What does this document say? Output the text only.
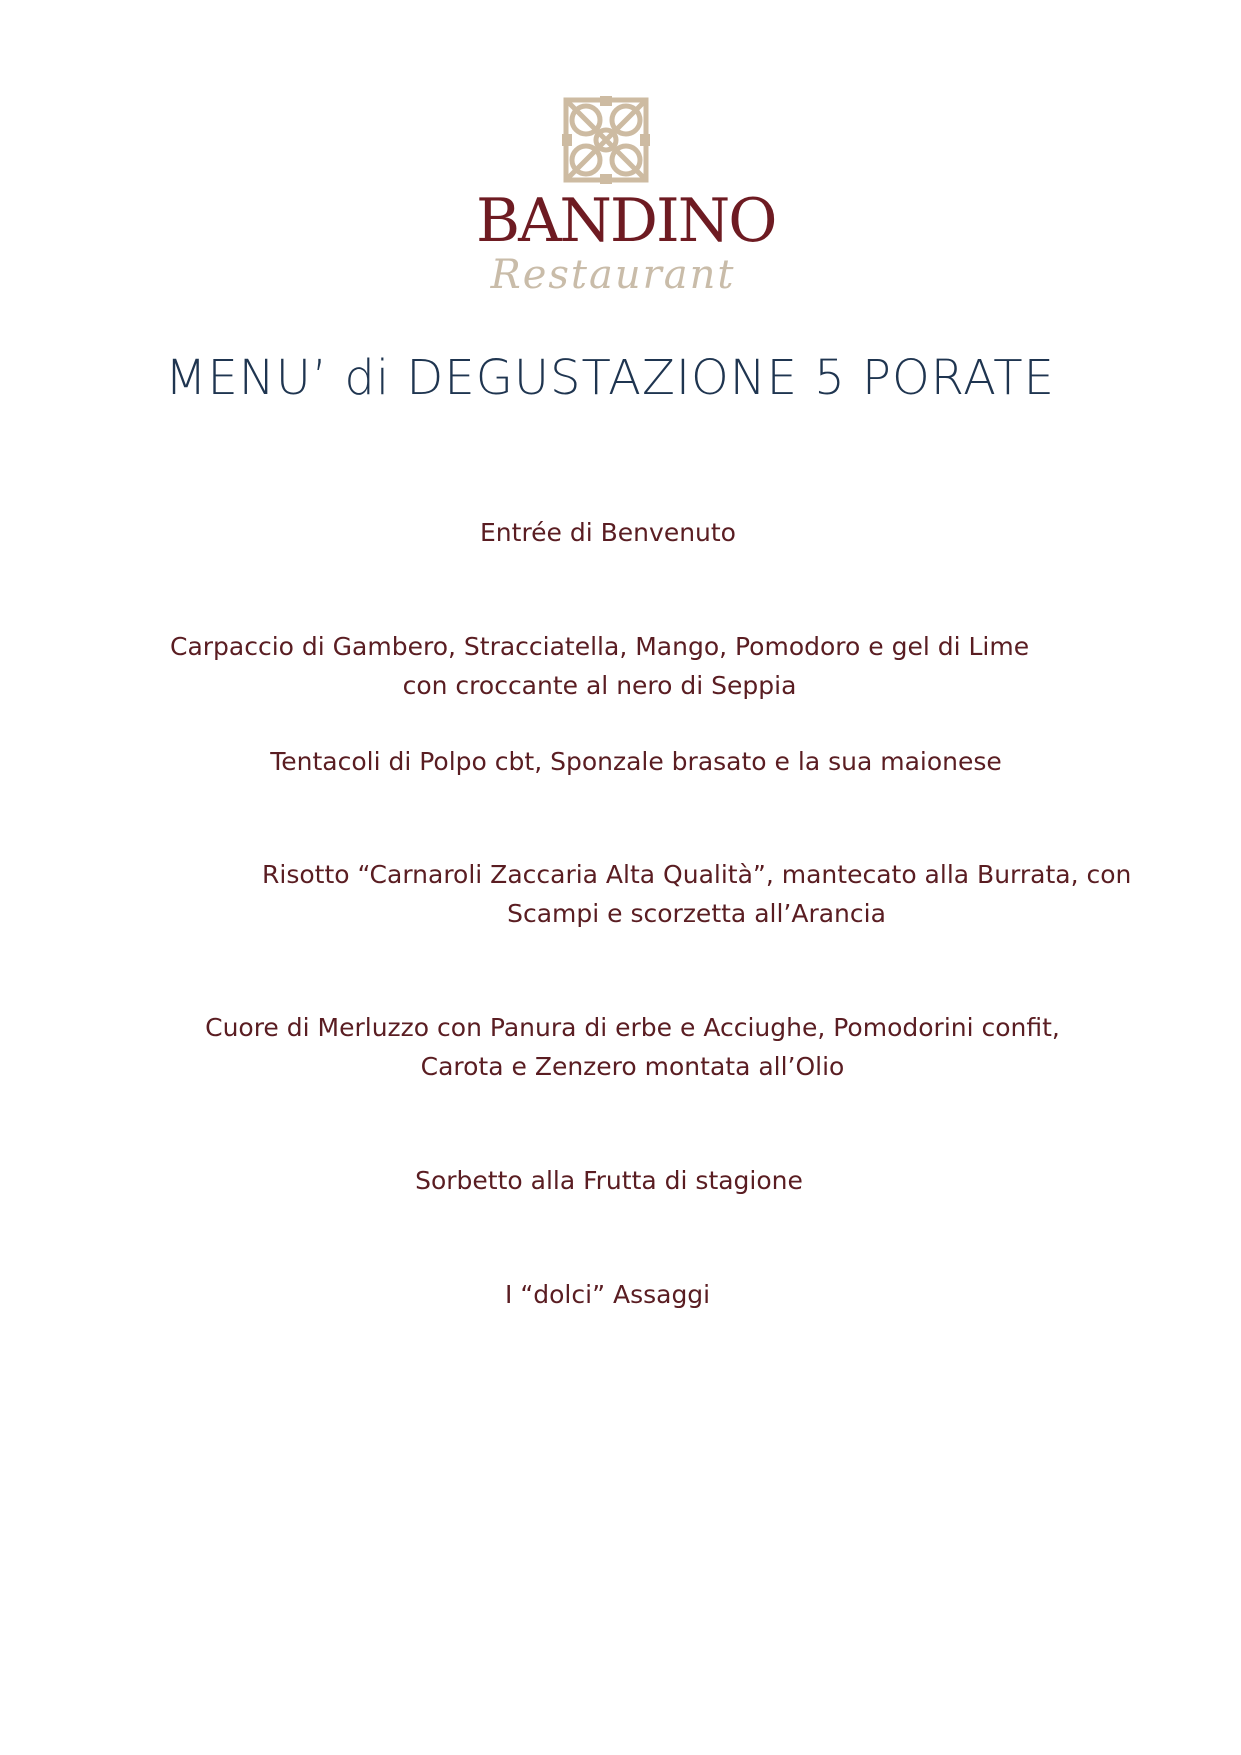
BANDINO
Restaurant
MENU’ di DEGUSTAZIONE 5 PORATE
Entrée di Benvenuto
Carpaccio di Gambero, Stracciatella, Mango, Pomodoro e gel di Lime
con croccante al nero di Seppia
Tentacoli di Polpo cbt, Sponzale brasato e la sua maionese
Risotto “Carnaroli Zaccaria Alta Qualità”, mantecato alla Burrata, con
Scampi e scorzetta all’Arancia
Cuore di Merluzzo con Panura di erbe e Acciughe, Pomodorini confit,
Carota e Zenzero montata all’Olio
Sorbetto alla Frutta di stagione
I “dolci” Assaggi
